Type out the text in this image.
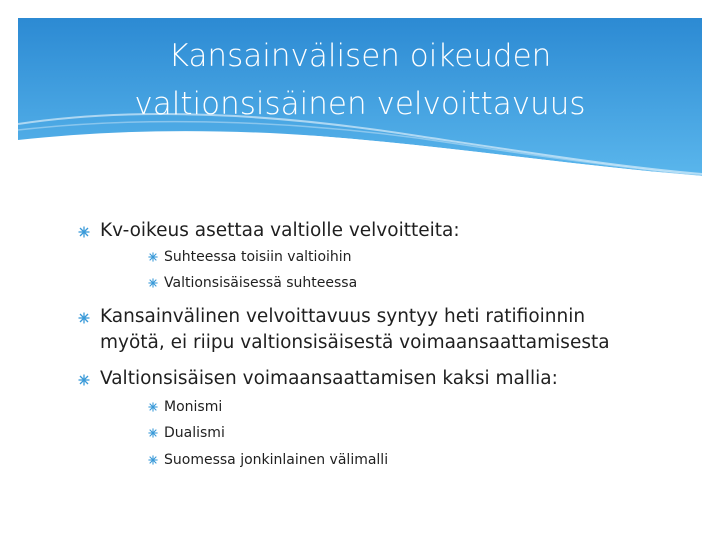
Kansainvälisen oikeuden
valtionsisäinen velvoittavuus
Kv-oikeus asettaa valtiolle velvoitteita:
Suhteessa toisiin valtioihin
Valtionsisäisessä suhteessa
Kansainvälinen velvoittavuus syntyy heti ratifioinnin
myötä, ei riipu valtionsisäisestä voimaansaattamisesta
Valtionsisäisen voimaansaattamisen kaksi mallia:
Monismi
Dualismi
Suomessa jonkinlainen välimalli
